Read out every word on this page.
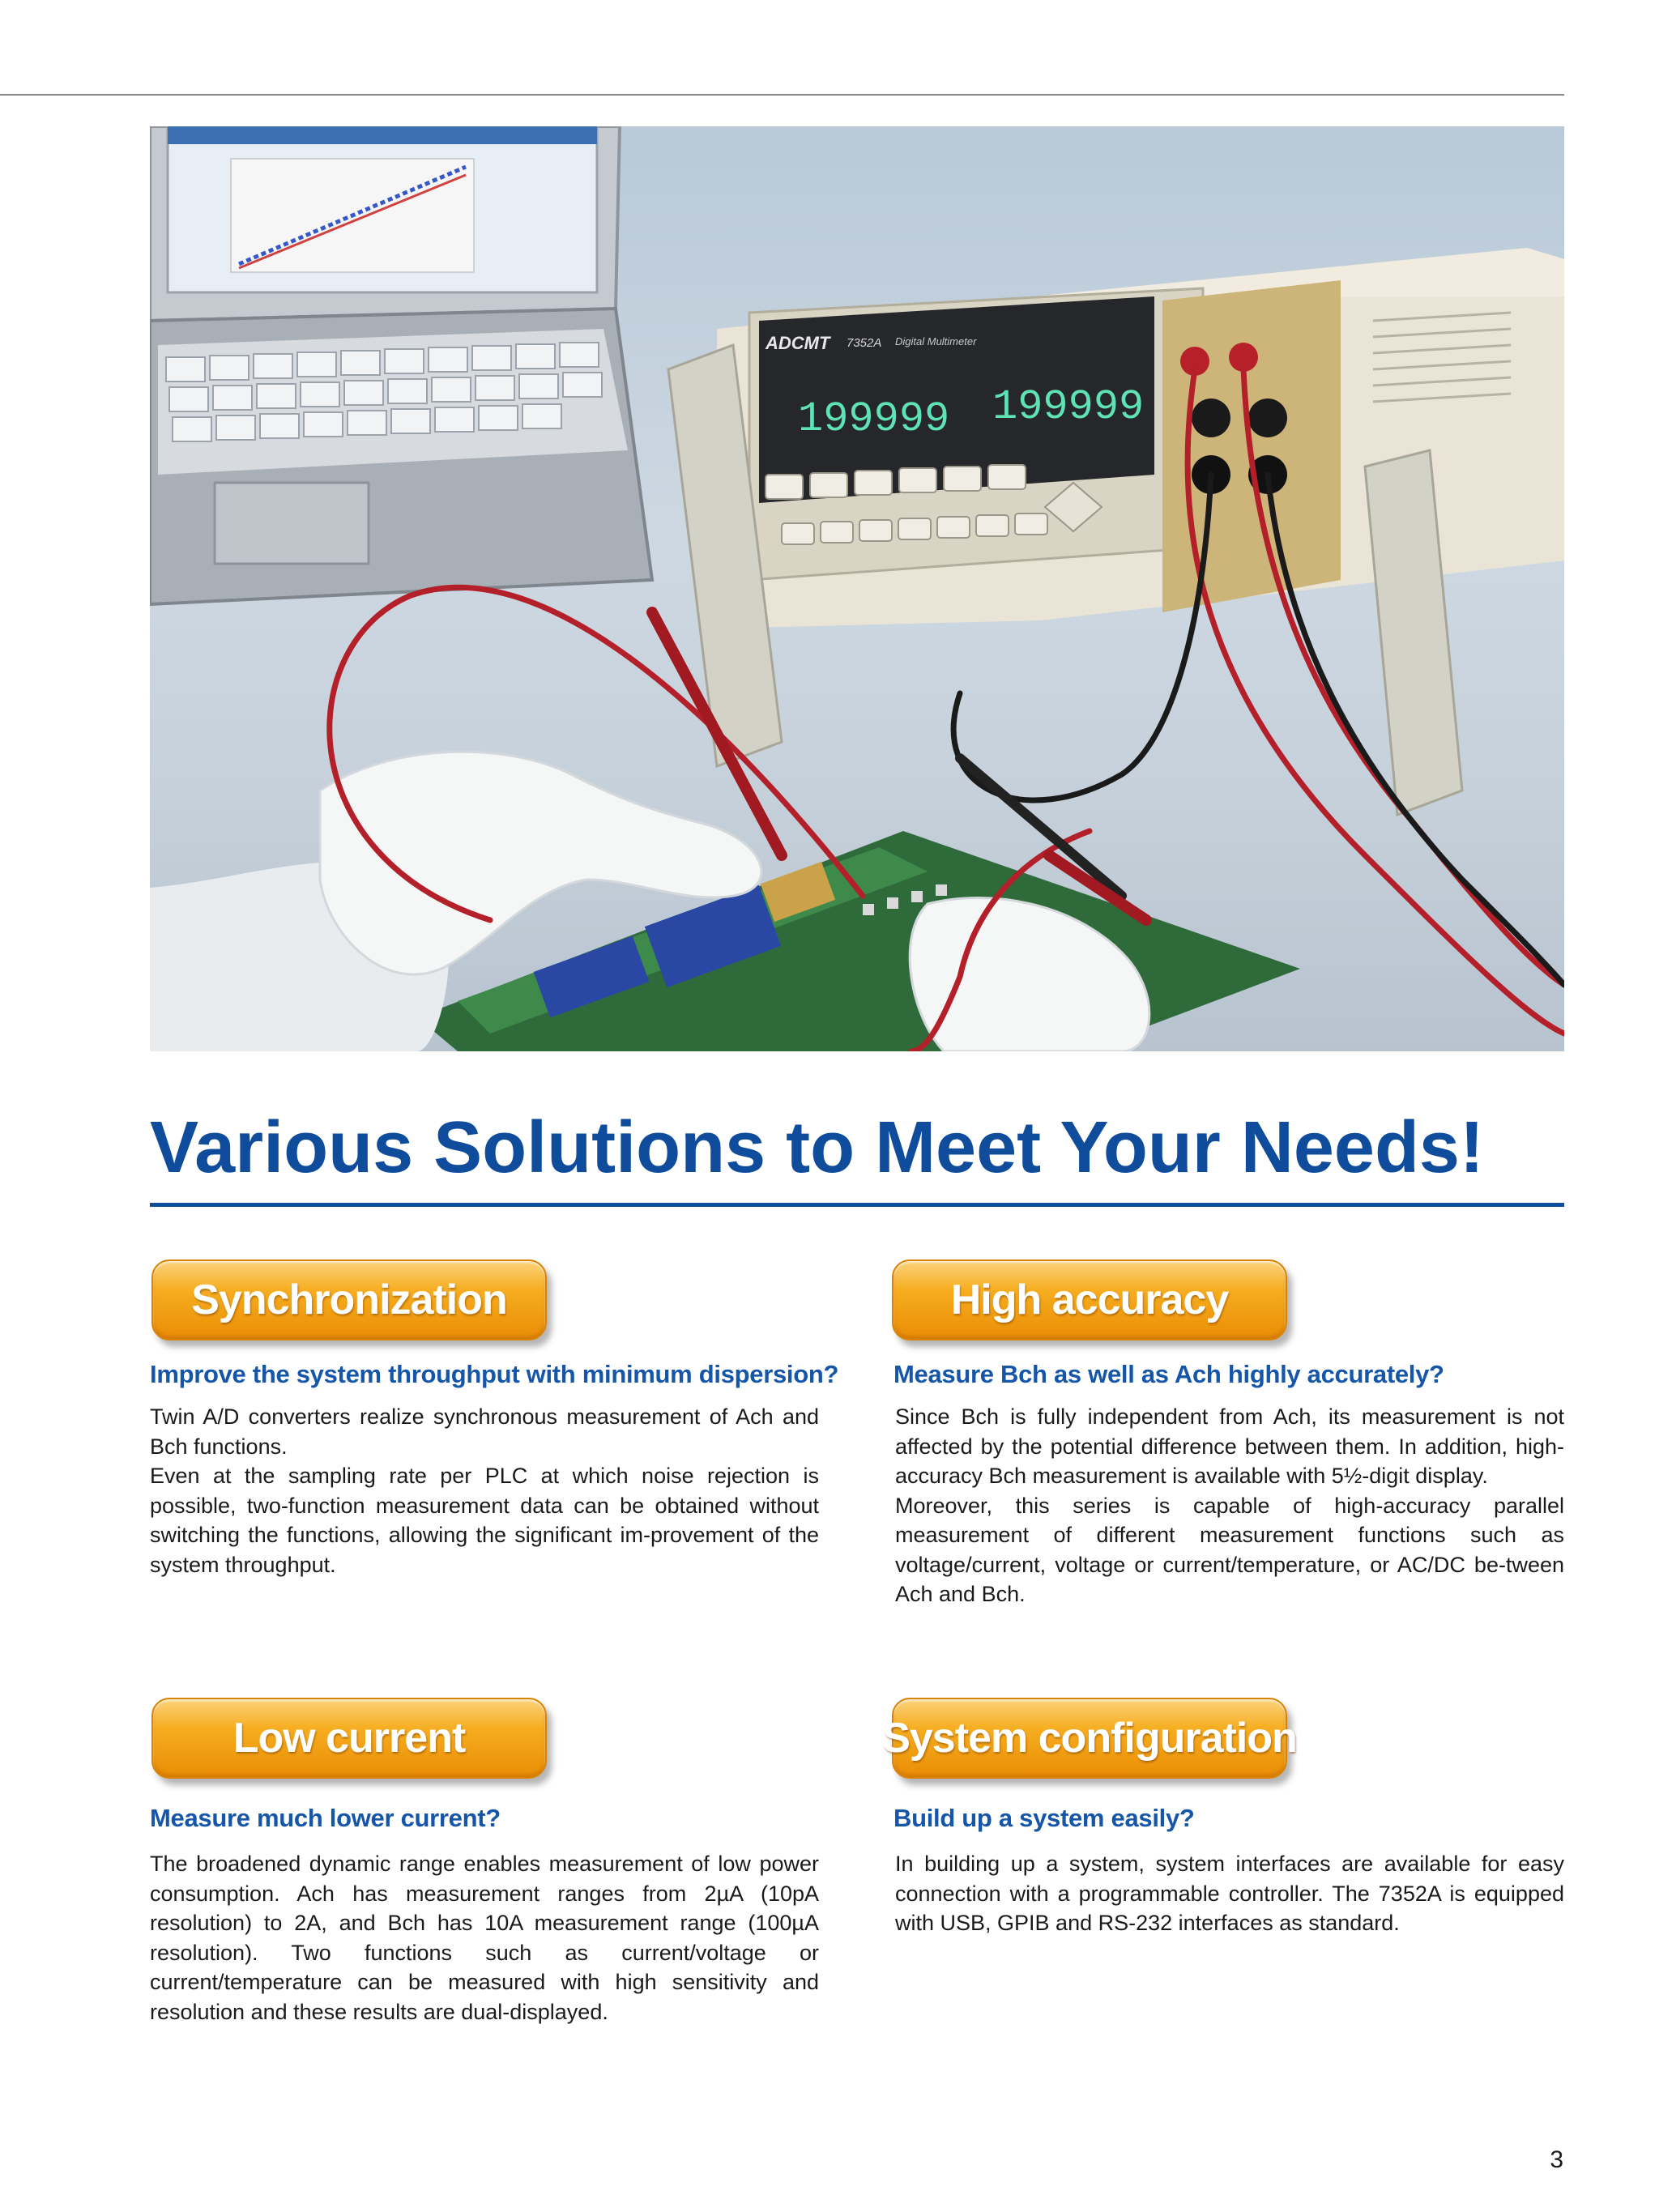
ADCMT 7352A Digital Multimeter
199999 199999
Various Solutions to Meet Your Needs!
Synchronization
Improve the system throughput with minimum dispersion?

Twin A/D converters realize synchronous measurement of Ach and Bch functions.

Even at the sampling rate per PLC at which noise rejection is possible, two-function measurement data can be obtained without switching the functions, allowing the significant im-provement of the system throughput.

High accuracy
Measure Bch as well as Ach highly accurately?

Since Bch is fully independent from Ach, its measurement is not affected by the potential difference between them. In addition, high-accuracy Bch measurement is available with 5½-digit display.

Moreover, this series is capable of high-accuracy parallel measurement of different measurement functions such as voltage/current, voltage or current/temperature, or AC/DC be-tween Ach and Bch.

Low current
Measure much lower current?

The broadened dynamic range enables measurement of low power consumption. Ach has measurement ranges from 2µA (10pA resolution) to 2A, and Bch has 10A measurement range (100µA resolution). Two functions such as current/voltage or current/temperature can be measured with high sensitivity and resolution and these results are dual-displayed.

System configuration
Build up a system easily?

In building up a system, system interfaces are available for easy connection with a programmable controller. The 7352A is equipped with USB, GPIB and RS-232 interfaces as standard.

3
